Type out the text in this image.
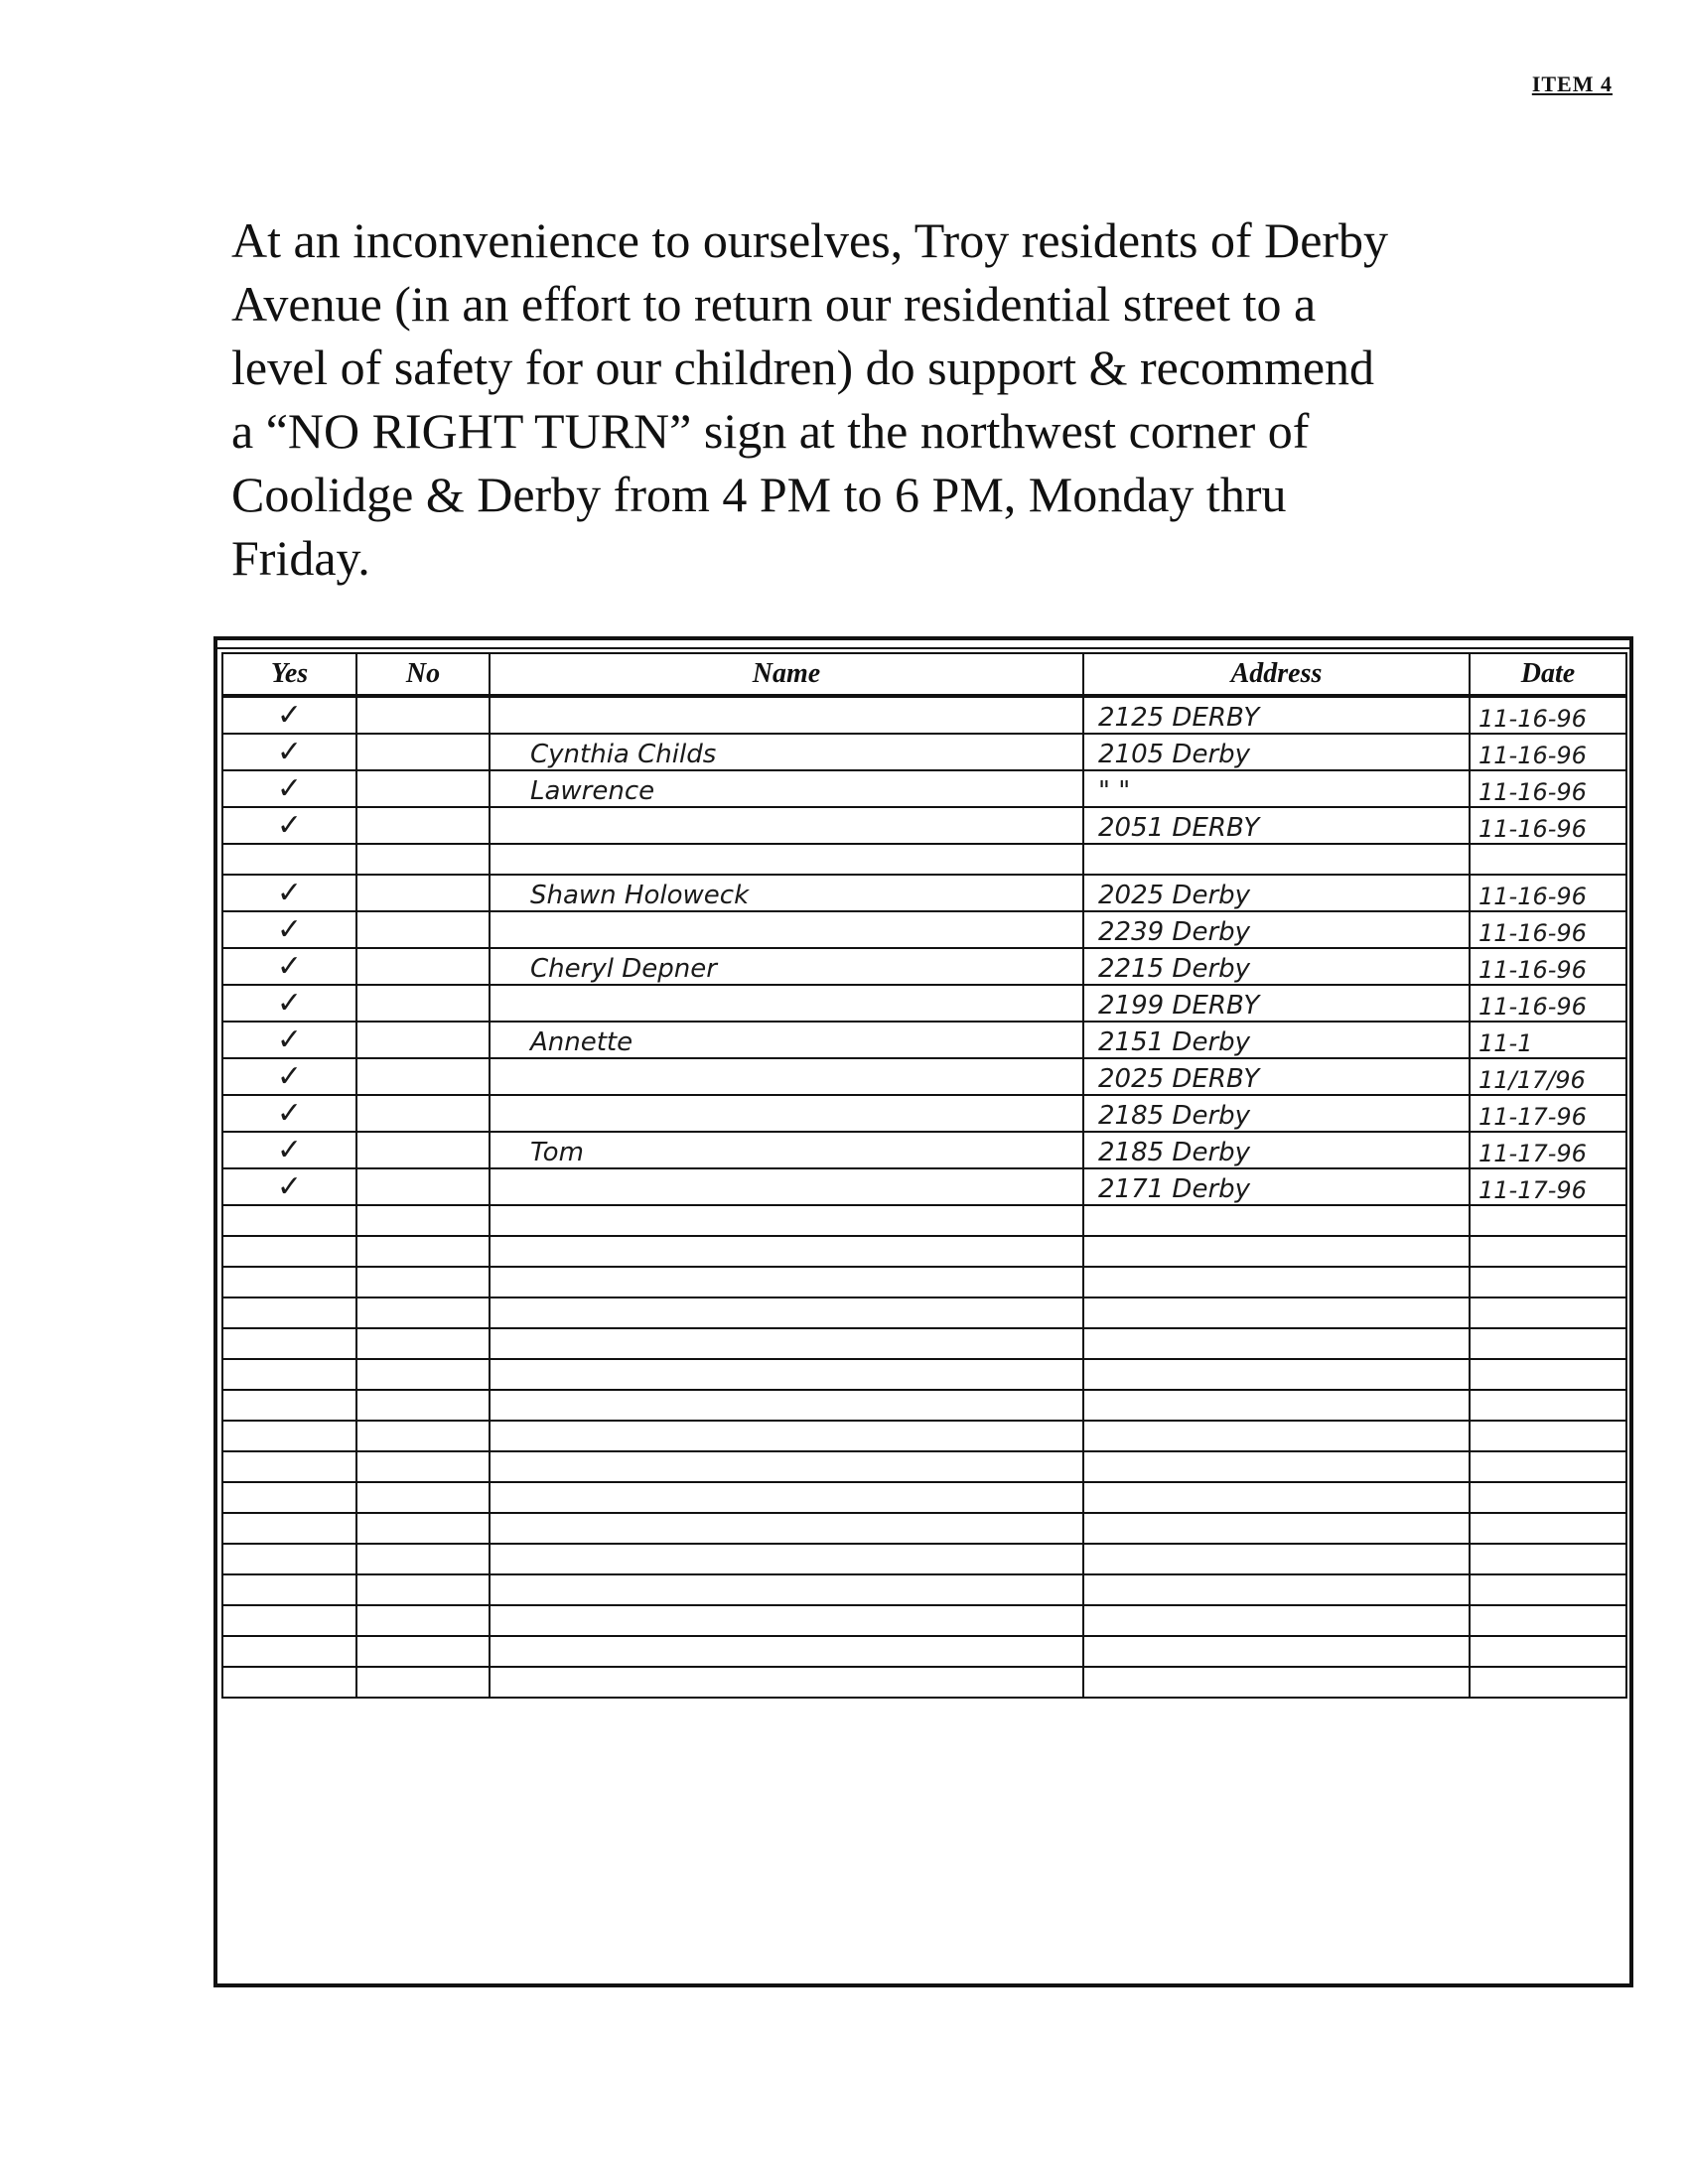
ITEM 4
At an inconvenience to ourselves, Troy residents of Derby
Avenue (in an effort to return our residential street to a
level of safety for our children) do support & recommend
a “NO RIGHT TURN” sign at the northwest corner of
Coolidge & Derby from 4 PM to 6 PM, Monday thru
Friday.
Yes	No	Name	Address	Date
✓			2125 DERBY	11-16-96
✓		Cynthia Childs	2105 Derby	11-16-96
✓		Lawrence	" "	11-16-96
✓			2051 DERBY	11-16-96

✓		Shawn Holoweck	2025 Derby	11-16-96
✓			2239 Derby	11-16-96
✓		Cheryl Depner	2215 Derby	11-16-96
✓			2199 DERBY	11-16-96
✓		Annette	2151 Derby	11-1
✓			2025 DERBY	11/17/96
✓			2185 Derby	11-17-96
✓		Tom	2185 Derby	11-17-96
✓			2171 Derby	11-17-96
